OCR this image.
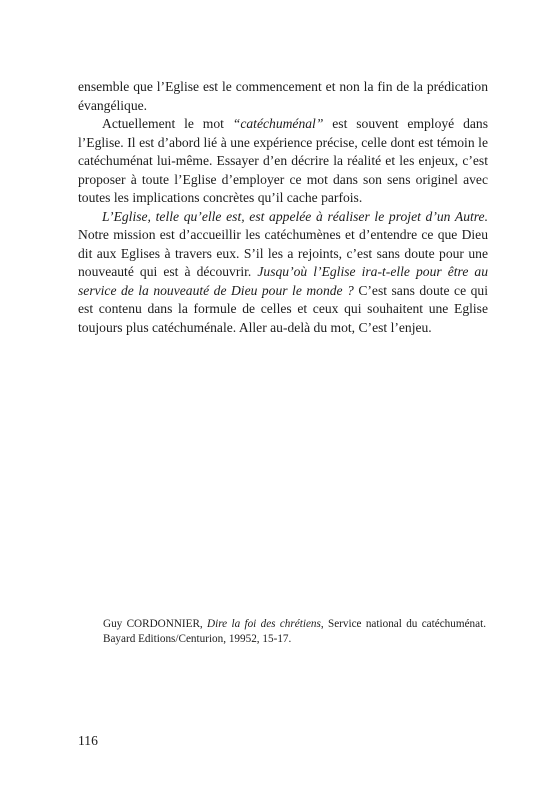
ensemble que l’Eglise est le commencement et non la fin de la prédication évangélique.

Actuellement le mot “catéchuménal” est souvent employé dans l’Eglise. Il est d’abord lié à une expérience précise, celle dont est témoin le catéchuménat lui-même. Essayer d’en décrire la réalité et les enjeux, c’est proposer à toute l’Eglise d’employer ce mot dans son sens originel avec toutes les implications concrètes qu’il cache parfois.

L’Eglise, telle qu’elle est, est appelée à réaliser le projet d’un Autre. Notre mission est d’accueillir les catéchumènes et d’entendre ce que Dieu dit aux Eglises à travers eux. S’il les a rejoints, c’est sans doute pour une nouveauté qui est à découvrir. Jusqu’où l’Eglise ira-t-elle pour être au service de la nouveauté de Dieu pour le monde ? C’est sans doute ce qui est contenu dans la formule de celles et ceux qui souhaitent une Eglise toujours plus catéchuménale. Aller au-delà du mot, C’est l’enjeu.

Guy CORDONNIER, Dire la foi des chrétiens, Service national du catéchuménat. Bayard Editions/Centurion, 19952, 15-17.

116
